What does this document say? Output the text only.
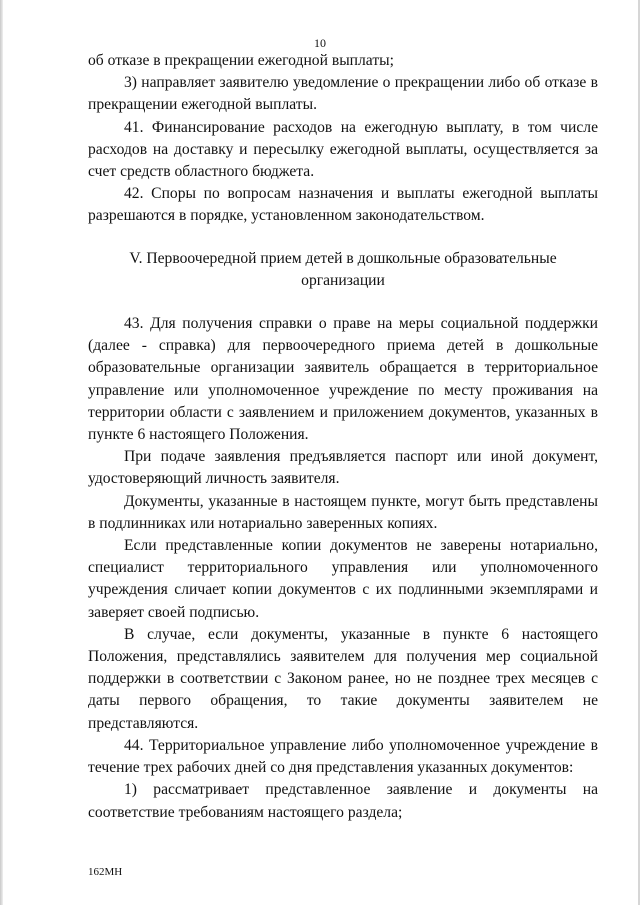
10

об отказе в прекращении ежегодной выплаты;

3) направляет заявителю уведомление о прекращении либо об отказе в прекращении ежегодной выплаты.

41. Финансирование расходов на ежегодную выплату, в том числе расходов на доставку и пересылку ежегодной выплаты, осуществляется за счет средств областного бюджета.

42. Споры по вопросам назначения и выплаты ежегодной выплаты разрешаются в порядке, установленном законодательством.

V. Первоочередной прием детей в дошкольные образовательные
организации

43. Для получения справки о праве на меры социальной поддержки (далее - справка) для первоочередного приема детей в дошкольные образовательные организации заявитель обращается в территориальное управление или уполномоченное учреждение по месту проживания на территории области с заявлением и приложением документов, указанных в пункте 6 настоящего Положения.

При подаче заявления предъявляется паспорт или иной документ, удостоверяющий личность заявителя.

Документы, указанные в настоящем пункте, могут быть представлены в подлинниках или нотариально заверенных копиях.

Если представленные копии документов не заверены нотариально, специалист территориального управления или уполномоченного учреждения сличает копии документов с их подлинными экземплярами и заверяет своей подписью.

В случае, если документы, указанные в пункте 6 настоящего Положения, представлялись заявителем для получения мер социальной поддержки в соответствии с Законом ранее, но не позднее трех месяцев с даты первого обращения, то такие документы заявителем не представляются.

44. Территориальное управление либо уполномоченное учреждение в течение трех рабочих дней со дня представления указанных документов:

1) рассматривает представленное заявление и документы на соответствие требованиям настоящего раздела;

162МН
